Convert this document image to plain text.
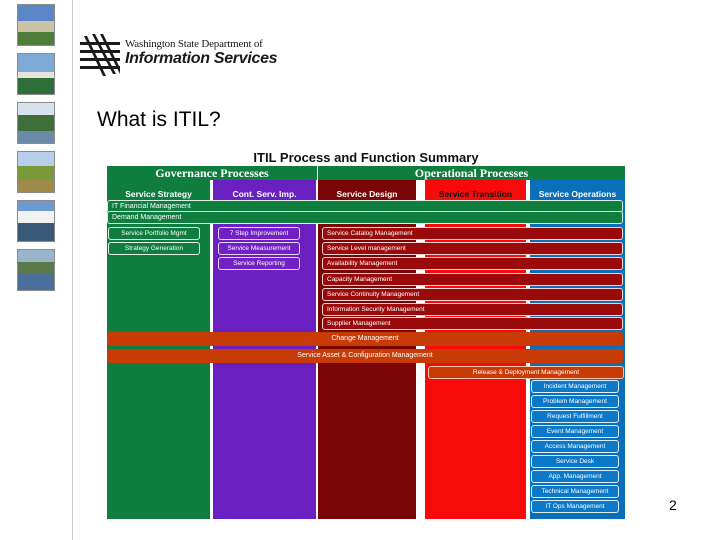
Washington State Department of
Information Services
What is ITIL?
ITIL Process and Function Summary
Governance Processes	Operational Processes
Service Strategy	Cont. Serv. Imp.	Service Design	Service Transition	Service Operations
IT Financial Management
Demand Management
Service Portfolio Mgmt
Strategy Generation
7 Step Improvement
Service Measurement
Service Reporting
Service Catalog Management
Service Level management
Availability Management
Capacity Management
Service Continuity Management
Information Security Management
Supplier Management
Change Management
Service Asset & Configuration Management
Release & Deployment Management
Incident Management
Problem Management
Request Fulfillment
Event Management
Access Management
Service Desk
App. Management
Technical Management
IT Ops Management	2
